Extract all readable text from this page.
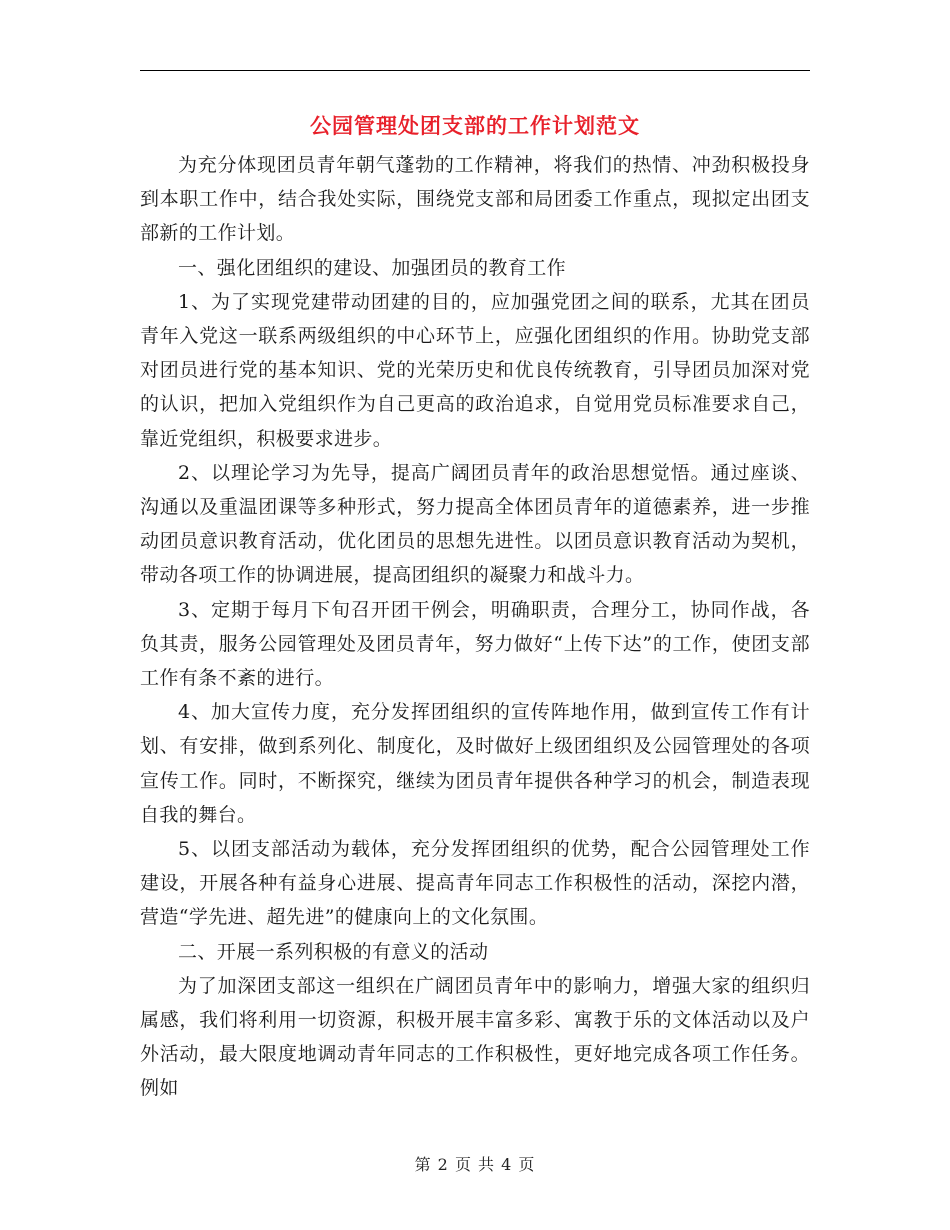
公园管理处团支部的工作计划范文

为充分体现团员青年朝气蓬勃的工作精神，将我们的热情、冲劲积极投身到本职工作中，结合我处实际，围绕党支部和局团委工作重点，现拟定出团支部新的工作计划。

一、强化团组织的建设、加强团员的教育工作

1、为了实现党建带动团建的目的，应加强党团之间的联系，尤其在团员青年入党这一联系两级组织的中心环节上，应强化团组织的作用。协助党支部对团员进行党的基本知识、党的光荣历史和优良传统教育，引导团员加深对党的认识，把加入党组织作为自己更高的政治追求，自觉用党员标准要求自己，靠近党组织，积极要求进步。

2、以理论学习为先导，提高广阔团员青年的政治思想觉悟。通过座谈、沟通以及重温团课等多种形式，努力提高全体团员青年的道德素养，进一步推动团员意识教育活动，优化团员的思想先进性。以团员意识教育活动为契机，带动各项工作的协调进展，提高团组织的凝聚力和战斗力。

3、定期于每月下旬召开团干例会，明确职责，合理分工，协同作战，各负其责，服务公园管理处及团员青年，努力做好“上传下达”的工作，使团支部工作有条不紊的进行。

4、加大宣传力度，充分发挥团组织的宣传阵地作用，做到宣传工作有计划、有安排，做到系列化、制度化，及时做好上级团组织及公园管理处的各项宣传工作。同时，不断探究，继续为团员青年提供各种学习的机会，制造表现自我的舞台。

5、以团支部活动为载体，充分发挥团组织的优势，配合公园管理处工作建设，开展各种有益身心进展、提高青年同志工作积极性的活动，深挖内潜，营造“学先进、超先进”的健康向上的文化氛围。

二、开展一系列积极的有意义的活动

为了加深团支部这一组织在广阔团员青年中的影响力，增强大家的组织归属感，我们将利用一切资源，积极开展丰富多彩、寓教于乐的文体活动以及户外活动，最大限度地调动青年同志的工作积极性，更好地完成各项工作任务。例如

第 2 页 共 4 页
